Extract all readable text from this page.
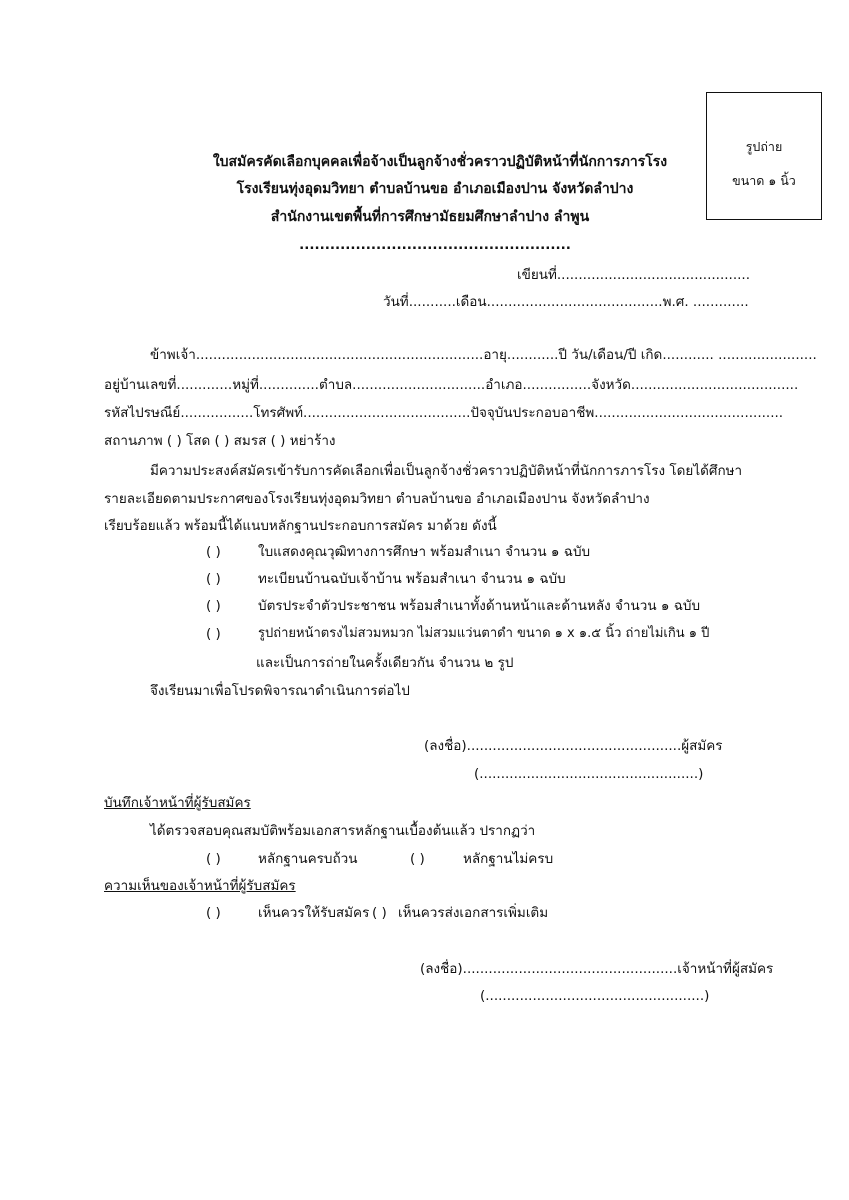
รูปถ่าย
ขนาด ๑ นิ้ว
ใบสมัครคัดเลือกบุคคลเพื่อจ้างเป็นลูกจ้างชั่วคราวปฏิบัติหน้าที่นักการภารโรง
โรงเรียนทุ่งอุดมวิทยา ตำบลบ้านขอ อำเภอเมืองปาน จังหวัดลำปาง
สำนักงานเขตพื้นที่การศึกษามัธยมศึกษาลำปาง ลำพูน
.....................................................
เขียนที่.............................................
วันที่...........เดือน.........................................พ.ศ. .............
ข้าพเจ้า...................................................................อายุ............ปี วัน/เดือน/ปี เกิด............ .......................
อยู่บ้านเลขที่.............หมู่ที่..............ตำบล...............................อำเภอ................จังหวัด.......................................
รหัสไปรษณีย์.................โทรศัพท์.......................................ปัจจุบันประกอบอาชีพ............................................
สถานภาพ ( ) โสด ( ) สมรส ( ) หย่าร้าง
มีความประสงค์สมัครเข้ารับการคัดเลือกเพื่อเป็นลูกจ้างชั่วคราวปฏิบัติหน้าที่นักการภารโรง โดยได้ศึกษา
รายละเอียดตามประกาศของโรงเรียนทุ่งอุดมวิทยา ตำบลบ้านขอ อำเภอเมืองปาน จังหวัดลำปาง
เรียบร้อยแล้ว พร้อมนี้ได้แนบหลักฐานประกอบการสมัคร มาด้วย ดังนี้
( )	ใบแสดงคุณวุฒิทางการศึกษา พร้อมสำเนา จำนวน ๑ ฉบับ
( )	ทะเบียนบ้านฉบับเจ้าบ้าน พร้อมสำเนา จำนวน ๑ ฉบับ
( )	บัตรประจำตัวประชาชน พร้อมสำเนาทั้งด้านหน้าและด้านหลัง จำนวน ๑ ฉบับ
( )	รูปถ่ายหน้าตรงไม่สวมหมวก ไม่สวมแว่นตาดำ ขนาด ๑ x ๑.๕ นิ้ว ถ่ายไม่เกิน ๑ ปี
และเป็นการถ่ายในครั้งเดียวกัน จำนวน ๒ รูป
จึงเรียนมาเพื่อโปรดพิจารณาดำเนินการต่อไป
(ลงชื่อ)..................................................ผู้สมัคร
(...................................................)
บันทึกเจ้าหน้าที่ผู้รับสมัคร
ได้ตรวจสอบคุณสมบัติพร้อมเอกสารหลักฐานเบื้องต้นแล้ว ปรากฏว่า
( )	หลักฐานครบถ้วน	( )	หลักฐานไม่ครบ
ความเห็นของเจ้าหน้าที่ผู้รับสมัคร
( )	เห็นควรให้รับสมัคร ( ) เห็นควรส่งเอกสารเพิ่มเติม
(ลงชื่อ)..................................................เจ้าหน้าที่ผู้สมัคร
(...................................................)
